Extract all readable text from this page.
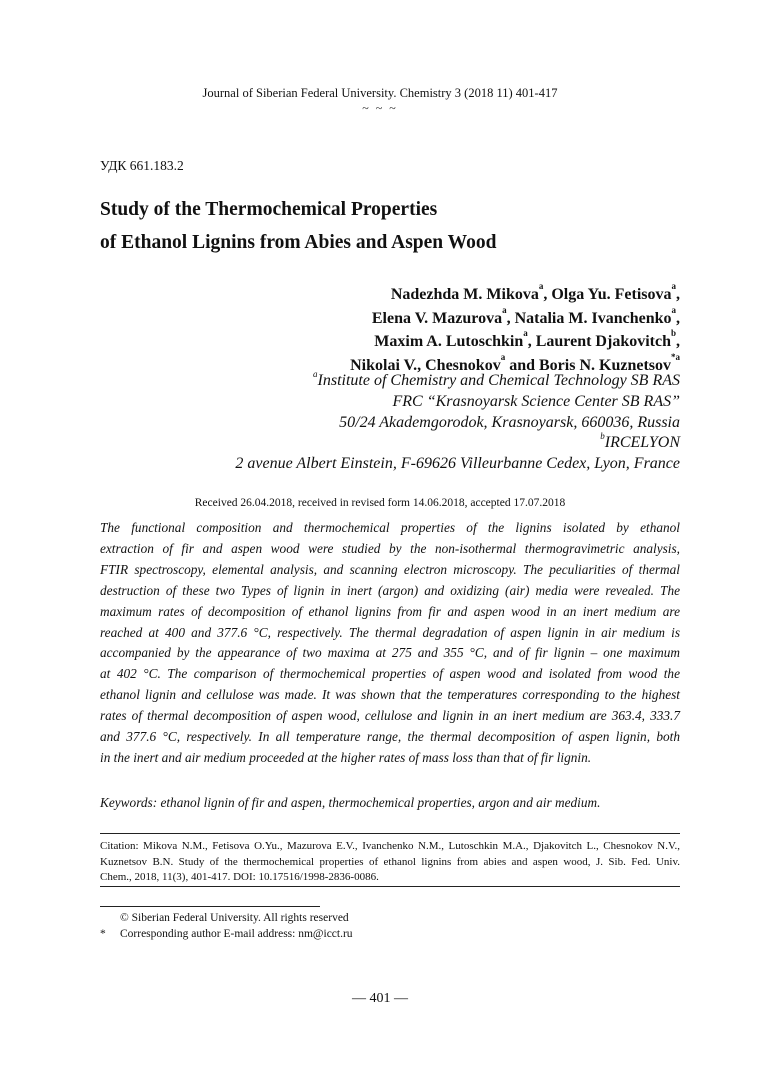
Journal of Siberian Federal University. Chemistry 3 (2018 11) 401-417
~ ~ ~
УДК 661.183.2
Study of the Thermochemical Properties
of Ethanol Lignins from Abies and Aspen Wood
Nadezhda M. Mikova$^a$, Olga Yu. Fetisova$^a$,
Elena V. Mazurova$^a$, Natalia M. Ivanchenko$^a$,
Maxim A. Lutoschkin$^a$, Laurent Djakovitch$^b$,
Nikolai V., Chesnokov$^a$ and Boris N. Kuznetsov$^{*a}$
$^a$Institute of Chemistry and Chemical Technology SB RAS
FRC “Krasnoyarsk Science Center SB RAS”
50/24 Akademgorodok, Krasnoyarsk, 660036, Russia
$^b$IRCELYON
2 avenue Albert Einstein, F-69626 Villeurbanne Cedex, Lyon, France
Received 26.04.2018, received in revised form 14.06.2018, accepted 17.07.2018
The functional composition and thermochemical properties of the lignins isolated by ethanol
extraction of fir and aspen wood were studied by the non-isothermal thermogravimetric analysis,
FTIR spectroscopy, elemental analysis, and scanning electron microscopy. The peculiarities of thermal
destruction of these two Types of lignin in inert (argon) and oxidizing (air) media were revealed. The
maximum rates of decomposition of ethanol lignins from fir and aspen wood in an inert medium are
reached at 400 and 377.6 °C, respectively. The thermal degradation of aspen lignin in air medium is
accompanied by the appearance of two maxima at 275 and 355 °C, and of fir lignin – one maximum
at 402 °C. The comparison of thermochemical properties of aspen wood and isolated from wood the
ethanol lignin and cellulose was made. It was shown that the temperatures corresponding to the highest
rates of thermal decomposition of aspen wood, cellulose and lignin in an inert medium are 363.4, 333.7
and 377.6 °C, respectively. In all temperature range, the thermal decomposition of aspen lignin, both
in the inert and air medium proceeded at the higher rates of mass loss than that of fir lignin.
Keywords: ethanol lignin of fir and aspen, thermochemical properties, argon and air medium.
Citation: Mikova N.M., Fetisova O.Yu., Mazurova E.V., Ivanchenko N.M., Lutoschkin M.A., Djakovitch L., Chesnokov N.V.,
Kuznetsov B.N. Study of the thermochemical properties of ethanol lignins from abies and aspen wood, J. Sib. Fed. Univ.
Chem., 2018, 11(3), 401-417. DOI: 10.17516/1998-2836-0086.
© Siberian Federal University. All rights reserved
* Corresponding author E-mail address: nm@icct.ru
— 401 —
